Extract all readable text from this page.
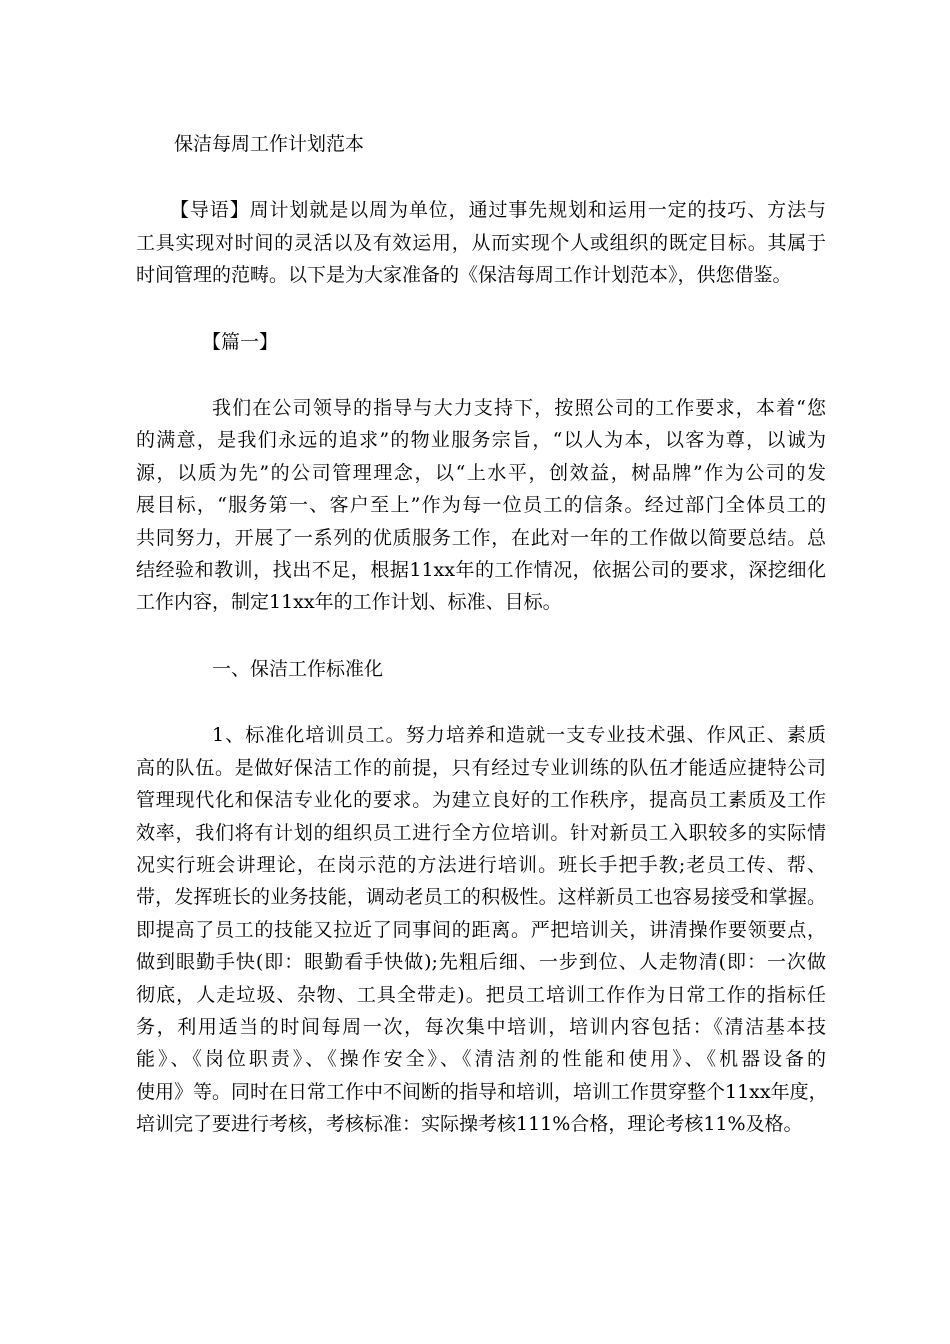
保洁每周工作计划范本
【导语】周计划就是以周为单位，通过事先规划和运用一定的技巧、方法与
工具实现对时间的灵活以及有效运用，从而实现个人或组织的既定目标。其属于
时间管理的范畴。以下是为大家准备的《保洁每周工作计划范本》，供您借鉴。
【篇一】
我们在公司领导的指导与大力支持下，按照公司的工作要求，本着“您
的满意，是我们永远的追求”的物业服务宗旨，“以人为本，以客为尊，以诚为
源，以质为先”的公司管理理念，以“上水平，创效益，树品牌”作为公司的发
展目标，“服务第一、客户至上”作为每一位员工的信条。经过部门全体员工的
共同努力，开展了一系列的优质服务工作，在此对一年的工作做以简要总结。总
结经验和教训，找出不足，根据11xx年的工作情况，依据公司的要求，深挖细化
工作内容，制定11xx年的工作计划、标准、目标。
一、保洁工作标准化
1、标准化培训员工。努力培养和造就一支专业技术强、作风正、素质
高的队伍。是做好保洁工作的前提，只有经过专业训练的队伍才能适应捷特公司
管理现代化和保洁专业化的要求。为建立良好的工作秩序，提高员工素质及工作
效率，我们将有计划的组织员工进行全方位培训。针对新员工入职较多的实际情
况实行班会讲理论，在岗示范的方法进行培训。班长手把手教;老员工传、帮、
带，发挥班长的业务技能，调动老员工的积极性。这样新员工也容易接受和掌握。
即提高了员工的技能又拉近了同事间的距离。严把培训关，讲清操作要领要点，
做到眼勤手快(即：眼勤看手快做);先粗后细、一步到位、人走物清(即：一次做
彻底，人走垃圾、杂物、工具全带走)。把员工培训工作作为日常工作的指标任
务，利用适当的时间每周一次，每次集中培训，培训内容包括：《清洁基本技
能》、《岗位职责》、《操作安全》、《清洁剂的性能和使用》、《机器设备的
使用》等。同时在日常工作中不间断的指导和培训，培训工作贯穿整个11xx年度，
培训完了要进行考核，考核标准：实际操考核111%合格，理论考核11%及格。
